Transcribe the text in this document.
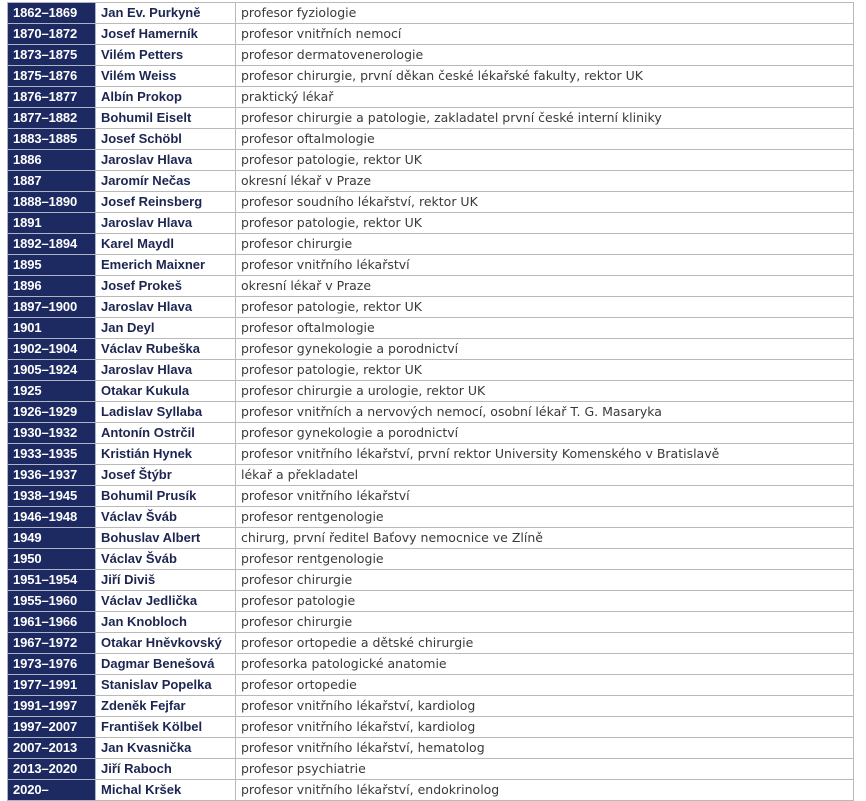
1862–1869	Jan Ev. Purkyně	profesor fyziologie
1870–1872	Josef Hamerník	profesor vnitřních nemocí
1873–1875	Vilém Petters	profesor dermatovenerologie
1875–1876	Vilém Weiss	profesor chirurgie, první děkan české lékařské fakulty, rektor UK
1876–1877	Albín Prokop	praktický lékař
1877–1882	Bohumil Eiselt	profesor chirurgie a patologie, zakladatel první české interní kliniky
1883–1885	Josef Schöbl	profesor oftalmologie
1886	Jaroslav Hlava	profesor patologie, rektor UK
1887	Jaromír Nečas	okresní lékař v Praze
1888–1890	Josef Reinsberg	profesor soudního lékařství, rektor UK
1891	Jaroslav Hlava	profesor patologie, rektor UK
1892–1894	Karel Maydl	profesor chirurgie
1895	Emerich Maixner	profesor vnitřního lékařství
1896	Josef Prokeš	okresní lékař v Praze
1897–1900	Jaroslav Hlava	profesor patologie, rektor UK
1901	Jan Deyl	profesor oftalmologie
1902–1904	Václav Rubeška	profesor gynekologie a porodnictví
1905–1924	Jaroslav Hlava	profesor patologie, rektor UK
1925	Otakar Kukula	profesor chirurgie a urologie, rektor UK
1926–1929	Ladislav Syllaba	profesor vnitřních a nervových nemocí, osobní lékař T. G. Masaryka
1930–1932	Antonín Ostrčil	profesor gynekologie a porodnictví
1933–1935	Kristián Hynek	profesor vnitřního lékařství, první rektor University Komenského v Bratislavě
1936–1937	Josef Štýbr	lékař a překladatel
1938–1945	Bohumil Prusík	profesor vnitřního lékařství
1946–1948	Václav Šváb	profesor rentgenologie
1949	Bohuslav Albert	chirurg, první ředitel Baťovy nemocnice ve Zlíně
1950	Václav Šváb	profesor rentgenologie
1951–1954	Jiří Diviš	profesor chirurgie
1955–1960	Václav Jedlička	profesor patologie
1961–1966	Jan Knobloch	profesor chirurgie
1967–1972	Otakar Hněvkovský	profesor ortopedie a dětské chirurgie
1973–1976	Dagmar Benešová	profesorka patologické anatomie
1977–1991	Stanislav Popelka	profesor ortopedie
1991–1997	Zdeněk Fejfar	profesor vnitřního lékařství, kardiolog
1997–2007	František Kölbel	profesor vnitřního lékařství, kardiolog
2007–2013	Jan Kvasnička	profesor vnitřního lékařství, hematolog
2013–2020	Jiří Raboch	profesor psychiatrie
2020–	Michal Kršek	profesor vnitřního lékařství, endokrinolog
